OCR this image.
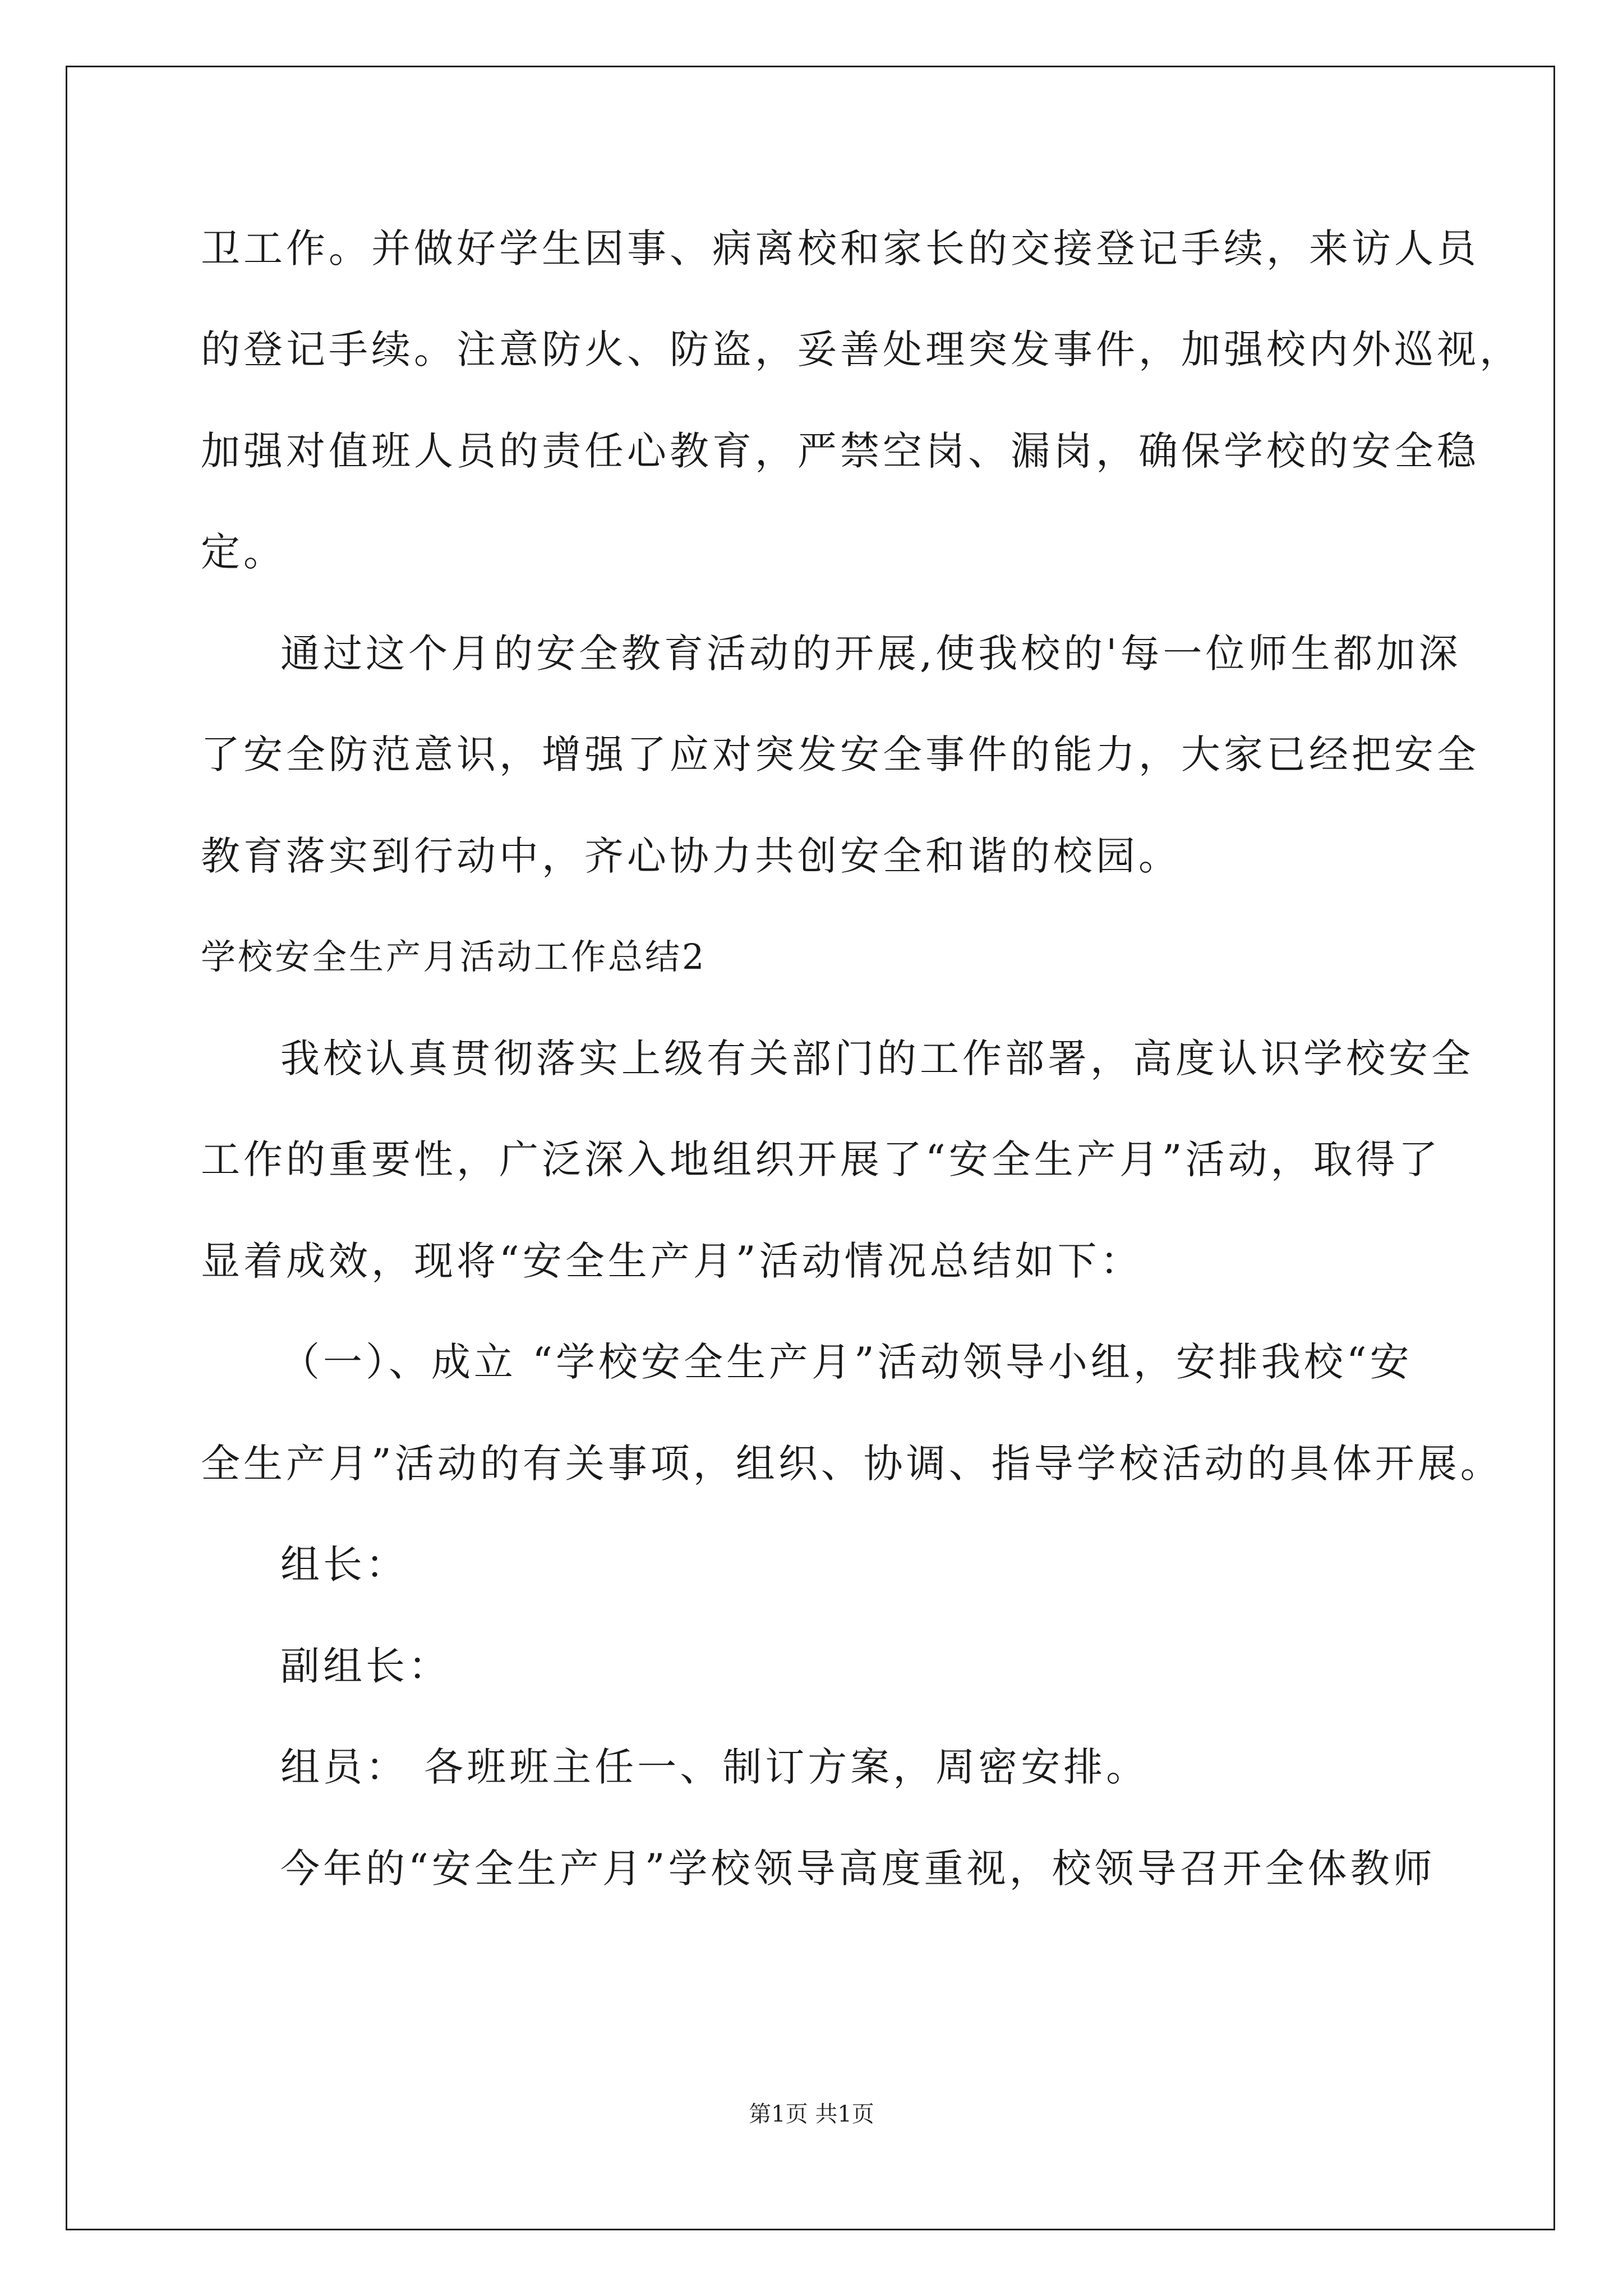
卫工作。并做好学生因事、病离校和家长的交接登记手续，来访人员
的登记手续。注意防火、防盗，妥善处理突发事件，加强校内外巡视，
加强对值班人员的责任心教育，严禁空岗、漏岗，确保学校的安全稳
定。
通过这个月的安全教育活动的开展,使我校的'每一位师生都加深
了安全防范意识，增强了应对突发安全事件的能力，大家已经把安全
教育落实到行动中，齐心协力共创安全和谐的校园。
学校安全生产月活动工作总结2
我校认真贯彻落实上级有关部门的工作部署，高度认识学校安全
工作的重要性，广泛深入地组织开展了“安全生产月”活动，取得了
显着成效，现将“安全生产月”活动情况总结如下：
（一）、成立 “学校安全生产月”活动领导小组，安排我校“安
全生产月”活动的有关事项，组织、协调、指导学校活动的具体开展。
组长：
副组长：
组员： 各班班主任一、制订方案，周密安排。
今年的“安全生产月”学校领导高度重视，校领导召开全体教师
第1页 共1页
